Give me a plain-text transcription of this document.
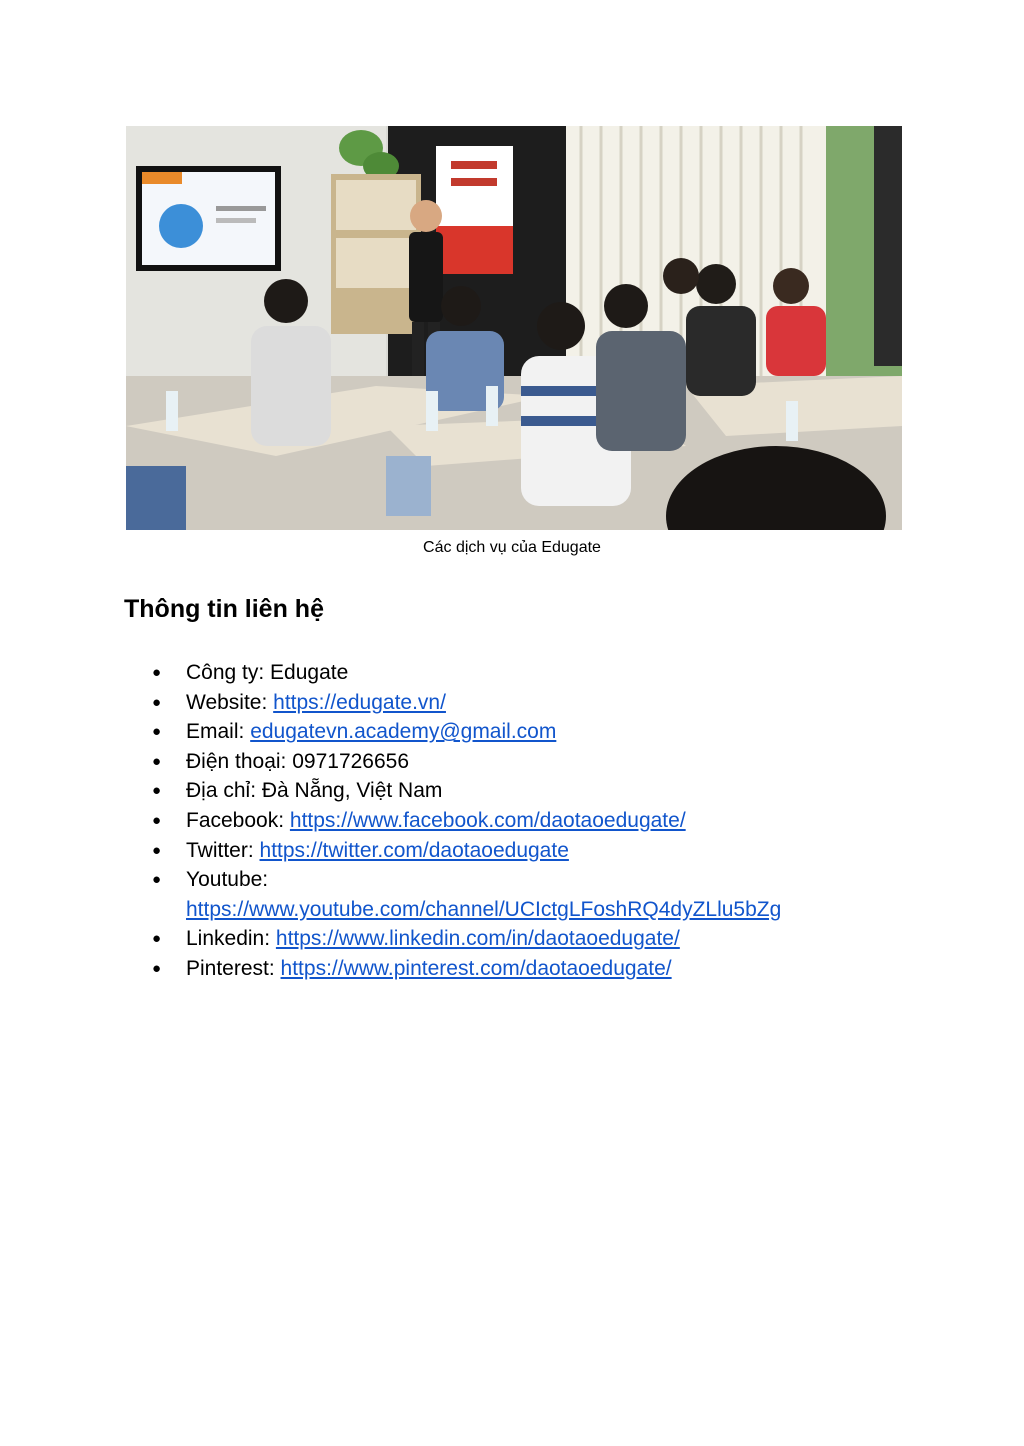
Các dịch vụ của Edugate
Thông tin liên hệ
●	Công ty: Edugate
●	Website: https://edugate.vn/
●	Email: edugatevn.academy@gmail.com
●	Điện thoại: 0971726656
●	Địa chỉ: Đà Nẵng, Việt Nam
●	Facebook: https://www.facebook.com/daotaoedugate/
●	Twitter: https://twitter.com/daotaoedugate
●	Youtube:
https://www.youtube.com/channel/UCIctgLFoshRQ4dyZLlu5bZg
●	Linkedin: https://www.linkedin.com/in/daotaoedugate/
●	Pinterest: https://www.pinterest.com/daotaoedugate/
